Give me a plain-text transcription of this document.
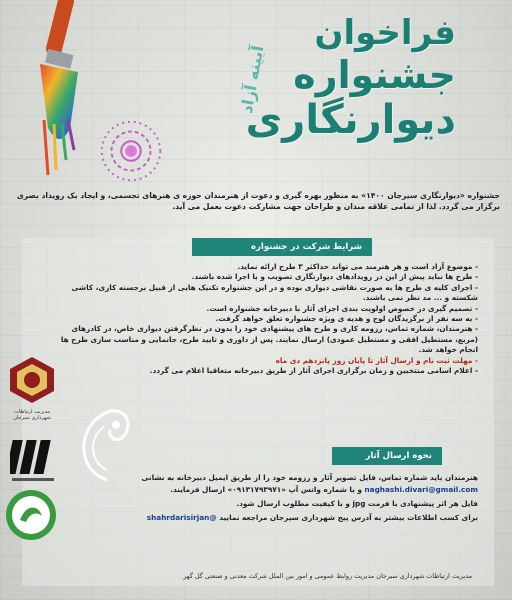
فراخوان
جشنواره
دیوارنگاری
آیینه آزاد
جشنواره «دیوارنگاری سیرجان ۱۴۰۰» به منظور بهره گیری و دعوت از هنرمندان حوزه ی هنرهای تجسمی، و ایجاد یک رویداد بصری برگزار می گردد. لذا از تمامی علاقه مندان و طراحان جهت مشارکت دعوت بعمل می آید.
شرایط شرکت در جشنواره

- موضوع آزاد است و هر هنرمند می تواند حداکثر ۳ طرح ارائه نماید.

- طرح ها نباید پیش از این در رویدادهای دیوارنگاری تصویب و یا اجرا شده باشند.

- اجرای کلیه ی طرح ها به صورت نقاشی دیواری بوده و در این جشنواره تکنیک هایی از قبیل برجسته کاری، کاشی شکسته و ... مد نظر نمی باشند.

- تصمیم گیری در خصوص اولویت بندی اجرای آثار با دبیرخانه جشنواره است.

- به سه نفر از برگزیدگان لوح و هدیه ی ویژه جشنواره تعلق خواهد گرفت.

- هنرمندان، شماره تماس، رزومه کاری و طرح های پیشنهادی خود را بدون در نظرگرفتن دیواری خاص، در کادرهای (مربع، مستطیل افقی و مستطیل عمودی) ارسال نمایند. پس از داوری و تایید طرح، جانمایی و مناسب سازی طرح ها انجام خواهد شد.

- مهلت ثبت نام و ارسال آثار تا پایان روز پانزدهم دی ماه

- اعلام اسامی منتخبین و زمان برگزاری اجرای آثار از طریق دبیرخانه متعاقبا اعلام می گردد.

نحوه ارسال آثار

هنرمندان باید شماره تماس، فایل تصویر آثار و رزومه خود را از طریق ایمیل دبیرخانه به نشانی naghashi.divari@gmail.com و یا شماره واتس آپ «۰۹۱۳۱۷۹۳۹۷۱» ارسال فرمایند.

فایل هر اثر پیشنهادی با فرمت jpg و با کیفیت مطلوب ارسال شود.

برای کسب اطلاعات بیشتر به آدرس پیج شهرداری سیرجان مراجعه نمایید @shahrdarisirjan

مدیریت ارتباطات شهرداری سیرجان مدیریت روابط عمومی و امور بین الملل شرکت معدنی و صنعتی گل گهر
مدیریت ارتباطات شهرداری سیرجان
